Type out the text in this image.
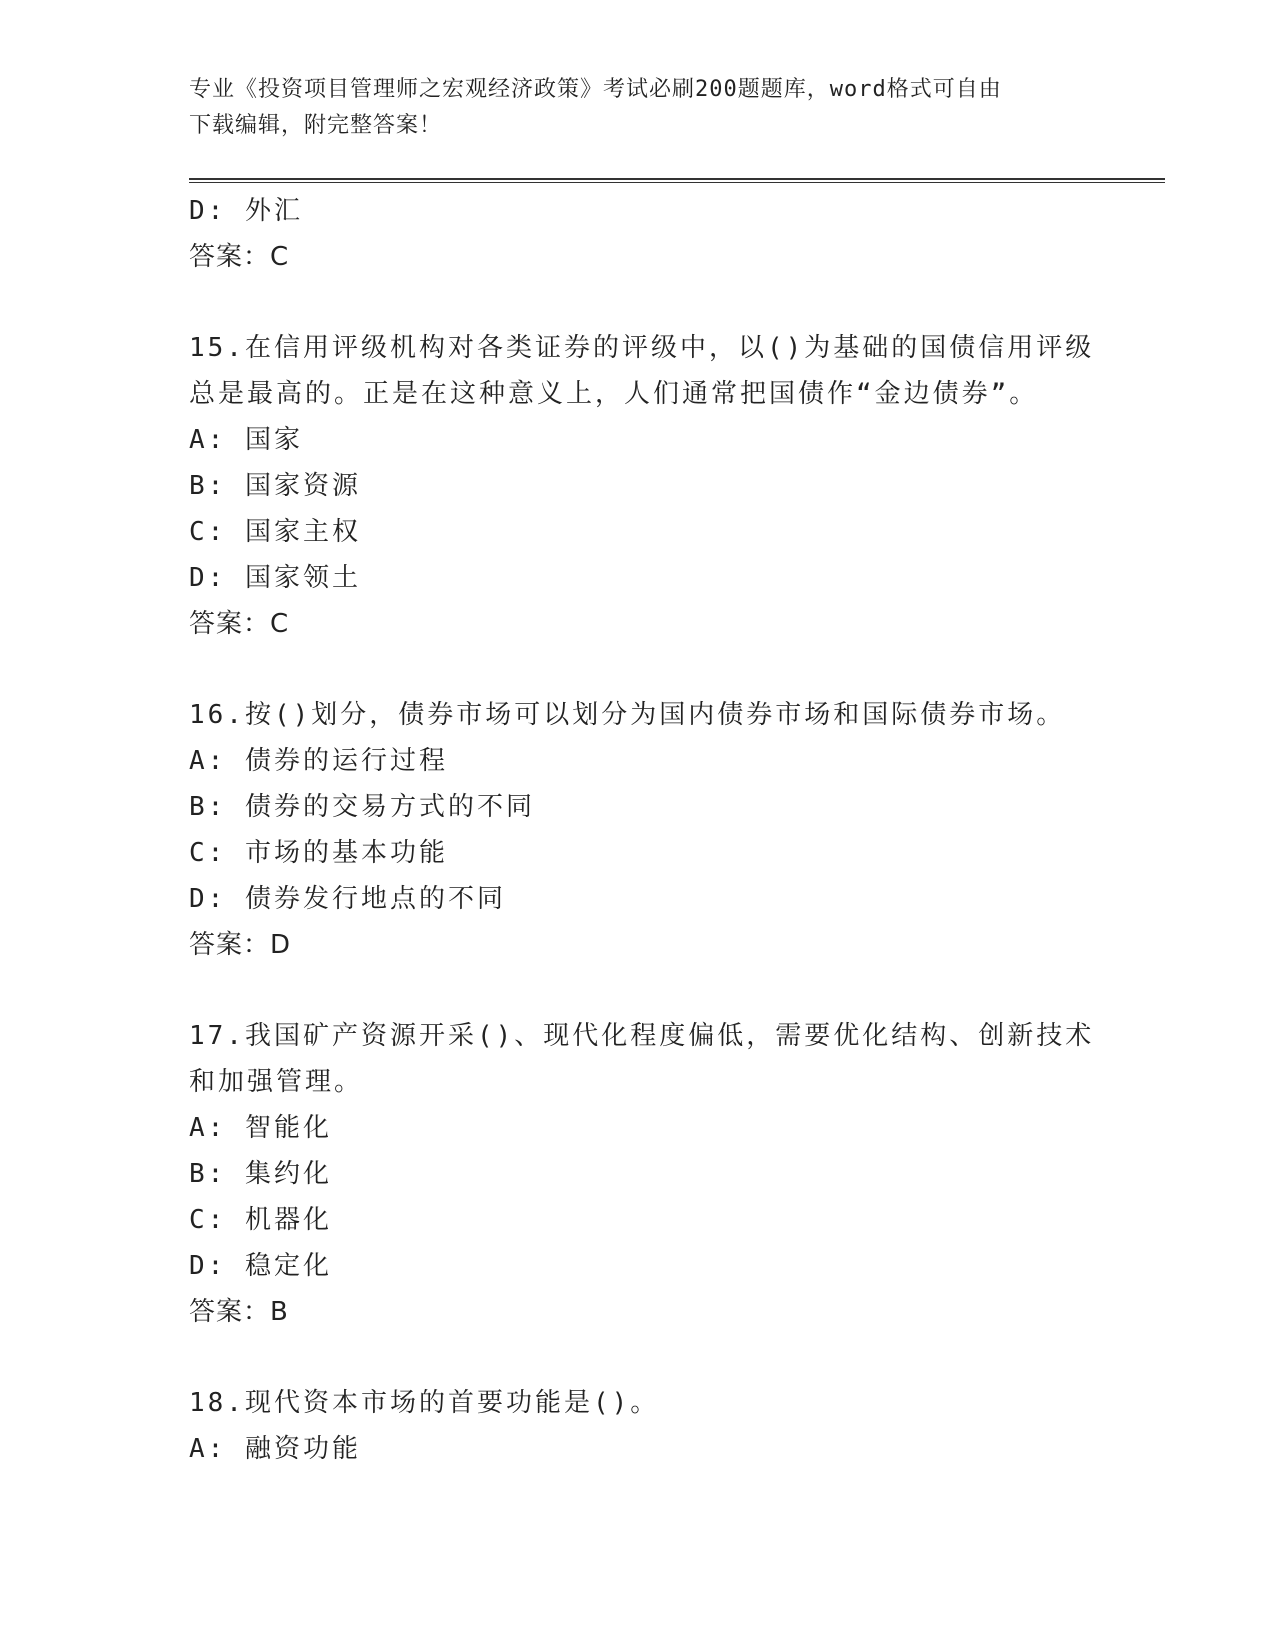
专业《投资项目管理师之宏观经济政策》考试必刷200题题库，word格式可自由
下载编辑，附完整答案！
D: 外汇
答案：C
15.在信用评级机构对各类证券的评级中，以()为基础的国债信用评级
总是最高的。正是在这种意义上，人们通常把国债作“金边债券”。
A: 国家
B: 国家资源
C: 国家主权
D: 国家领土
答案：C
16.按()划分，债券市场可以划分为国内债券市场和国际债券市场。
A: 债券的运行过程
B: 债券的交易方式的不同
C: 市场的基本功能
D: 债券发行地点的不同
答案：D
17.我国矿产资源开采()、现代化程度偏低，需要优化结构、创新技术
和加强管理。
A: 智能化
B: 集约化
C: 机器化
D: 稳定化
答案：B
18.现代资本市场的首要功能是()。
A: 融资功能
